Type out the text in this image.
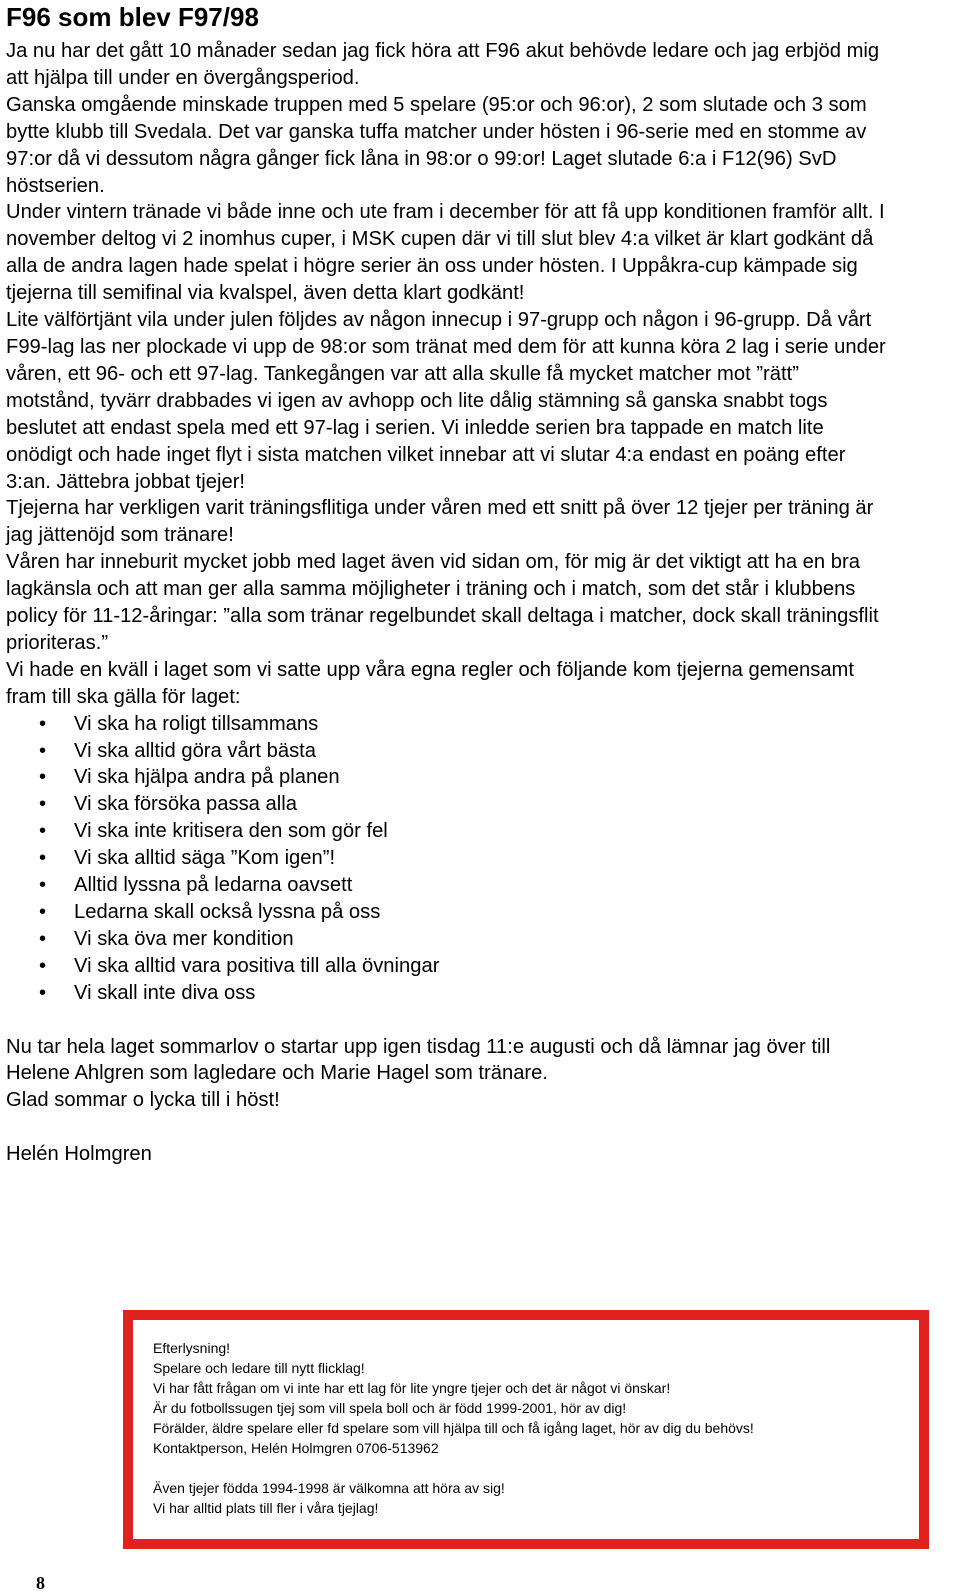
F96 som blev F97/98

Ja nu har det gått 10 månader sedan jag fick höra att F96 akut behövde ledare och jag erbjöd mig att hjälpa till under en övergångsperiod.

Ganska omgående minskade truppen med 5 spelare (95:or och 96:or), 2 som slutade och 3 som bytte klubb till Svedala. Det var ganska tuffa matcher under hösten i 96-serie med en stomme av 97:or då vi dessutom några gånger fick låna in 98:or o 99:or! Laget slutade 6:a i F12(96) SvD höstserien.

Under vintern tränade vi både inne och ute fram i december för att få upp konditionen framför allt. I november deltog vi 2 inomhus cuper, i MSK cupen där vi till slut blev 4:a vilket är klart godkänt då alla de andra lagen hade spelat i högre serier än oss under hösten. I Uppåkra-cup kämpade sig tjejerna till semifinal via kvalspel, även detta klart godkänt!

Lite välförtjänt vila under julen följdes av någon innecup i 97-grupp och någon i 96-grupp. Då vårt F99-lag las ner plockade vi upp de 98:or som tränat med dem för att kunna köra 2 lag i serie under våren, ett 96- och ett 97-lag. Tankegången var att alla skulle få mycket matcher mot ”rätt” motstånd, tyvärr drabbades vi igen av avhopp och lite dålig stämning så ganska snabbt togs beslutet att endast spela med ett 97-lag i serien. Vi inledde serien bra tappade en match lite onödigt och hade inget flyt i sista matchen vilket innebar att vi slutar 4:a endast en poäng efter 3:an. Jättebra jobbat tjejer!

Tjejerna har verkligen varit träningsflitiga under våren med ett snitt på över 12 tjejer per träning är jag jättenöjd som tränare!

Våren har inneburit mycket jobb med laget även vid sidan om, för mig är det viktigt att ha en bra lagkänsla och att man ger alla samma möjligheter i träning och i match, som det står i klubbens policy för 11-12-åringar: ”alla som tränar regelbundet skall deltaga i matcher, dock skall träningsflit prioriteras.”

Vi hade en kväll i laget som vi satte upp våra egna regler och följande kom tjejerna gemensamt fram till ska gälla för laget:

• Vi ska ha roligt tillsammans
• Vi ska alltid göra vårt bästa
• Vi ska hjälpa andra på planen
• Vi ska försöka passa alla
• Vi ska inte kritisera den som gör fel
• Vi ska alltid säga ”Kom igen”!
• Alltid lyssna på ledarna oavsett
• Ledarna skall också lyssna på oss
• Vi ska öva mer kondition
• Vi ska alltid vara positiva till alla övningar
• Vi skall inte diva oss

Nu tar hela laget sommarlov o startar upp igen tisdag 11:e augusti och då lämnar jag över till Helene Ahlgren som lagledare och Marie Hagel som tränare.

Glad sommar o lycka till i höst!

Helén Holmgren

Efterlysning!

Spelare och ledare till nytt flicklag!

Vi har fått frågan om vi inte har ett lag för lite yngre tjejer och det är något vi önskar!

Är du fotbollssugen tjej som vill spela boll och är född 1999-2001, hör av dig!

Förälder, äldre spelare eller fd spelare som vill hjälpa till och få igång laget, hör av dig du behövs!

Kontaktperson, Helén Holmgren 0706-513962

Även tjejer födda 1994-1998 är välkomna att höra av sig!

Vi har alltid plats till fler i våra tjejlag!

8
